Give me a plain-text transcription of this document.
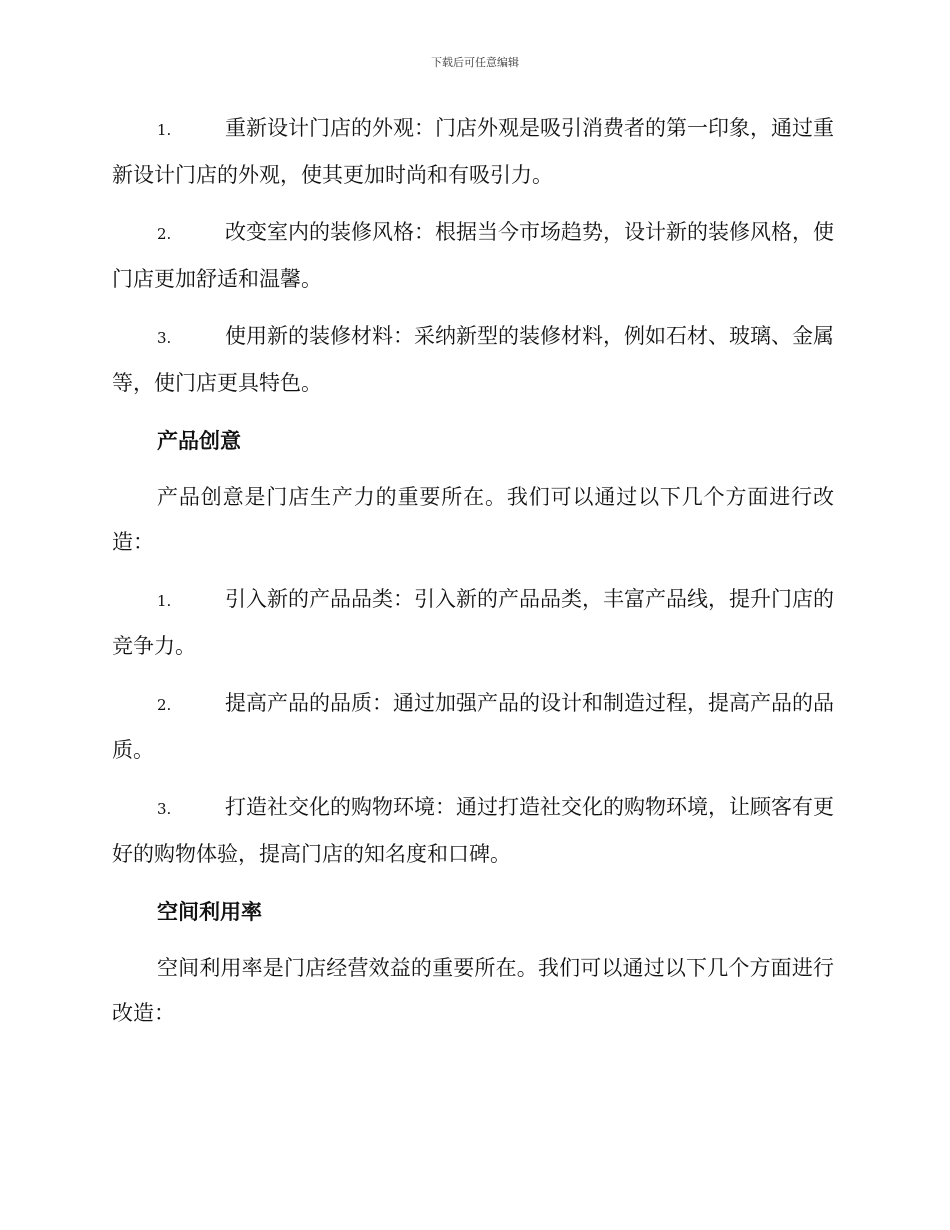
下载后可任意编辑

1.	重新设计门店的外观：门店外观是吸引消费者的第一印象，通过重新设计门店的外观，使其更加时尚和有吸引力。

2.	改变室内的装修风格：根据当今市场趋势，设计新的装修风格，使门店更加舒适和温馨。

3.	使用新的装修材料：采纳新型的装修材料，例如石材、玻璃、金属等，使门店更具特色。

产品创意

产品创意是门店生产力的重要所在。我们可以通过以下几个方面进行改造：

1.	引入新的产品品类：引入新的产品品类，丰富产品线，提升门店的竞争力。

2.	提高产品的品质：通过加强产品的设计和制造过程，提高产品的品质。

3.	打造社交化的购物环境：通过打造社交化的购物环境，让顾客有更好的购物体验，提高门店的知名度和口碑。

空间利用率

空间利用率是门店经营效益的重要所在。我们可以通过以下几个方面进行改造：
